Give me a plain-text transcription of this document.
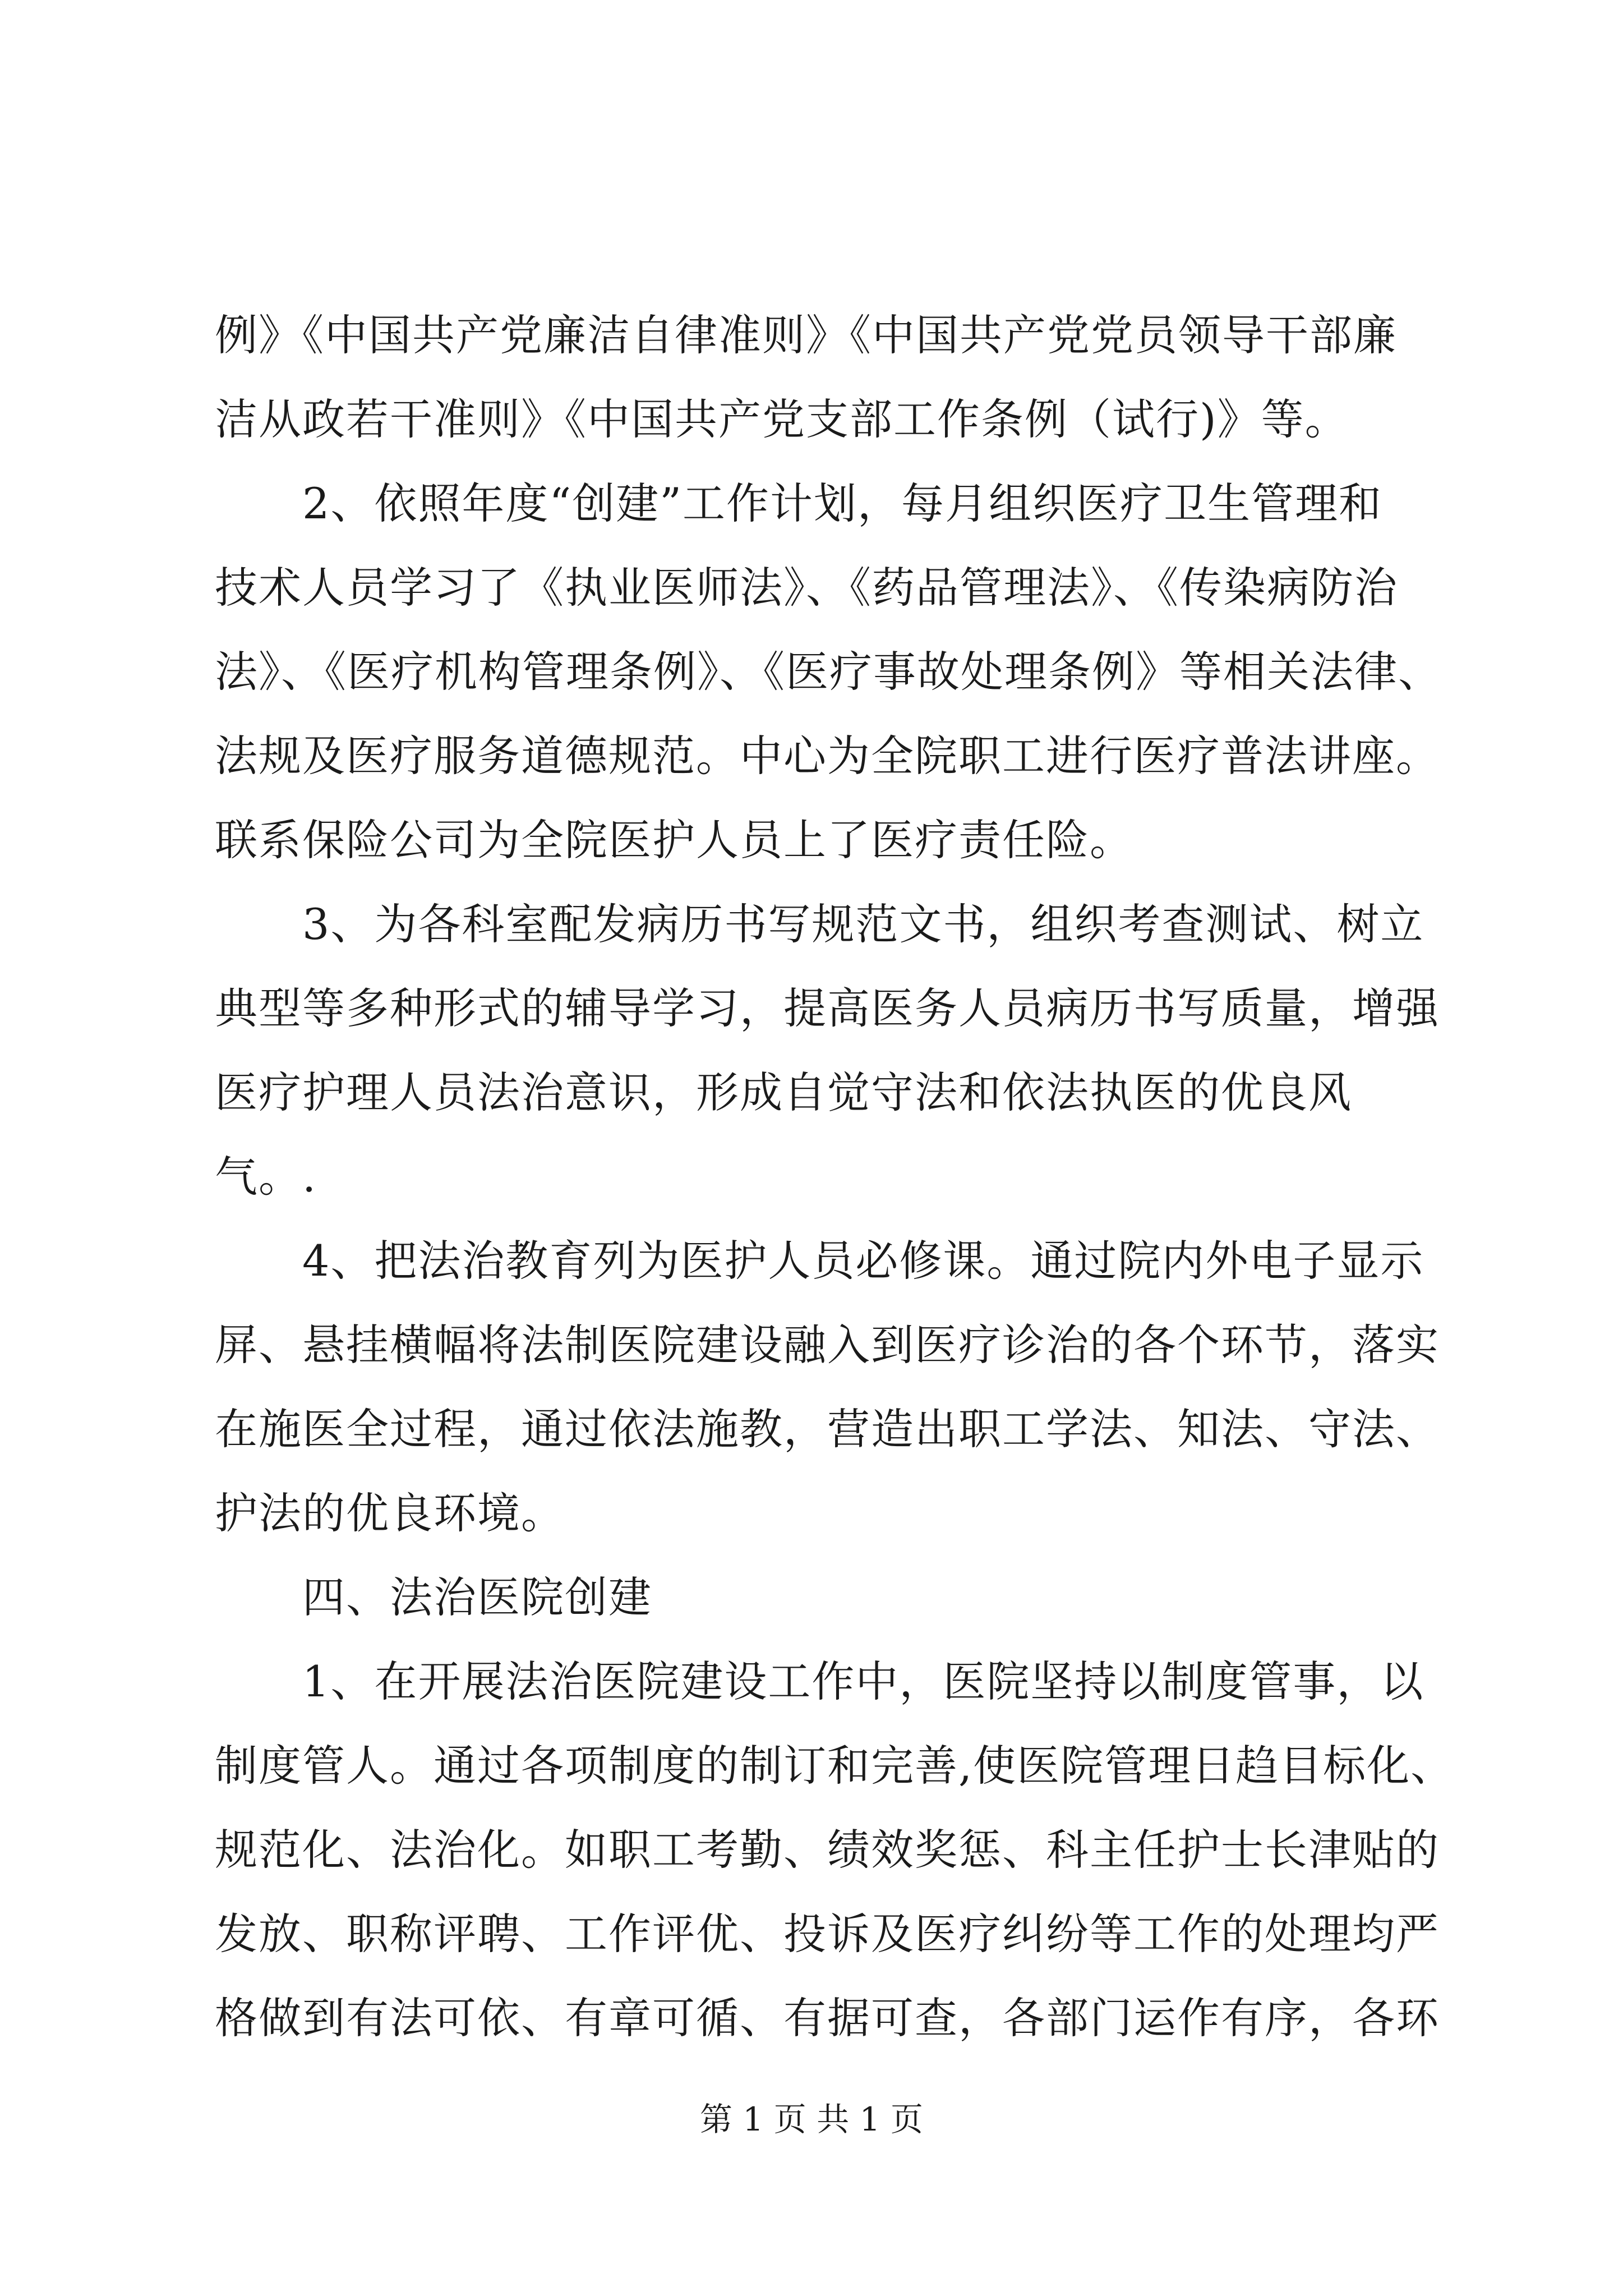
例》《中国共产党廉洁自律准则》《中国共产党党员领导干部廉
洁从政若干准则》《中国共产党支部工作条例（试行)》等。
　　2、依照年度“创建”工作计划，每月组织医疗卫生管理和
技术人员学习了《执业医师法》、《药品管理法》、《传染病防治
法》、《医疗机构管理条例》、《医疗事故处理条例》等相关法律、
法规及医疗服务道德规范。中心为全院职工进行医疗普法讲座。
联系保险公司为全院医护人员上了医疗责任险。
　　3、为各科室配发病历书写规范文书，组织考查测试、树立
典型等多种形式的辅导学习，提高医务人员病历书写质量，增强
医疗护理人员法治意识，形成自觉守法和依法执医的优良风
气。.
　　4、把法治教育列为医护人员必修课。通过院内外电子显示
屏、悬挂横幅将法制医院建设融入到医疗诊治的各个环节，落实
在施医全过程，通过依法施教，营造出职工学法、知法、守法、
护法的优良环境。
　　四、法治医院创建
　　1、在开展法治医院建设工作中，医院坚持以制度管事，以
制度管人。通过各项制度的制订和完善,使医院管理日趋目标化、
规范化、法治化。如职工考勤、绩效奖惩、科主任护士长津贴的
发放、职称评聘、工作评优、投诉及医疗纠纷等工作的处理均严
格做到有法可依、有章可循、有据可查，各部门运作有序，各环
第 1 页 共 1 页
